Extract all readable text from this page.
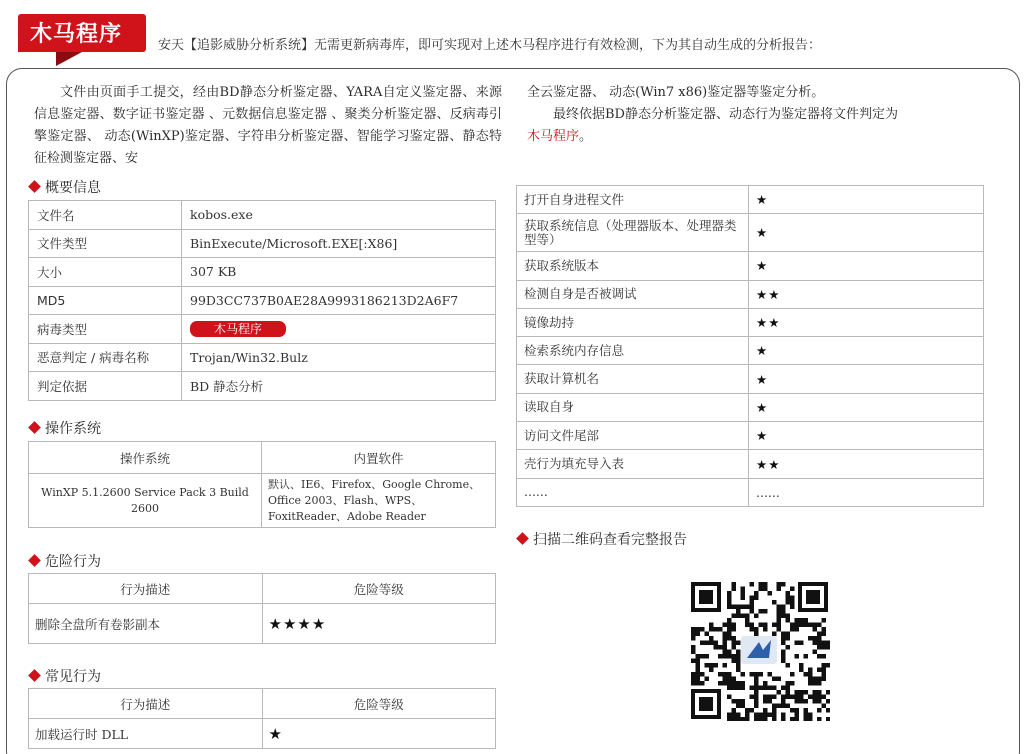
木马程序	安天【追影威胁分析系统】无需更新病毒库，即可实现对上述木马程序进行有效检测，下为其自动生成的分析报告：
文件由页面手工提交，经由BD静态分析鉴定器、YARA自定义鉴定器、来源信息鉴定器、数字证书鉴定器 、元数据信息鉴定器 、聚类分析鉴定器、反病毒引擎鉴定器、 动态(WinXP)鉴定器、字符串分析鉴定器、智能学习鉴定器、静态特征检测鉴定器、安
全云鉴定器、 动态(Win7 x86)鉴定器等鉴定分析。
最终依据BD静态分析鉴定器、动态行为鉴定器将文件判定为
木马程序。
概要信息
文件名	kobos.exe
文件类型	BinExecute/Microsoft.EXE[:X86]
大小	307 KB
MD5	99D3CC737B0AE28A9993186213D2A6F7
病毒类型	木马程序
恶意判定 / 病毒名称	Trojan/Win32.Bulz
判定依据	BD 静态分析
操作系统
操作系统	内置软件
WinXP 5.1.2600 Service Pack 3 Build 2600	默认、IE6、Firefox、Google Chrome、Office 2003、Flash、WPS、FoxitReader、Adobe Reader
危险行为
行为描述	危险等级
删除全盘所有卷影副本	★★★★
常见行为
行为描述	危险等级
加载运行时 DLL	★
打开自身进程文件	★
获取系统信息（处理器版本、处理器类型等）	★
获取系统版本	★
检测自身是否被调试	★★
镜像劫持	★★
检索系统内存信息	★
获取计算机名	★
读取自身	★
访问文件尾部	★
壳行为填充导入表	★★
......	......
扫描二维码查看完整报告
